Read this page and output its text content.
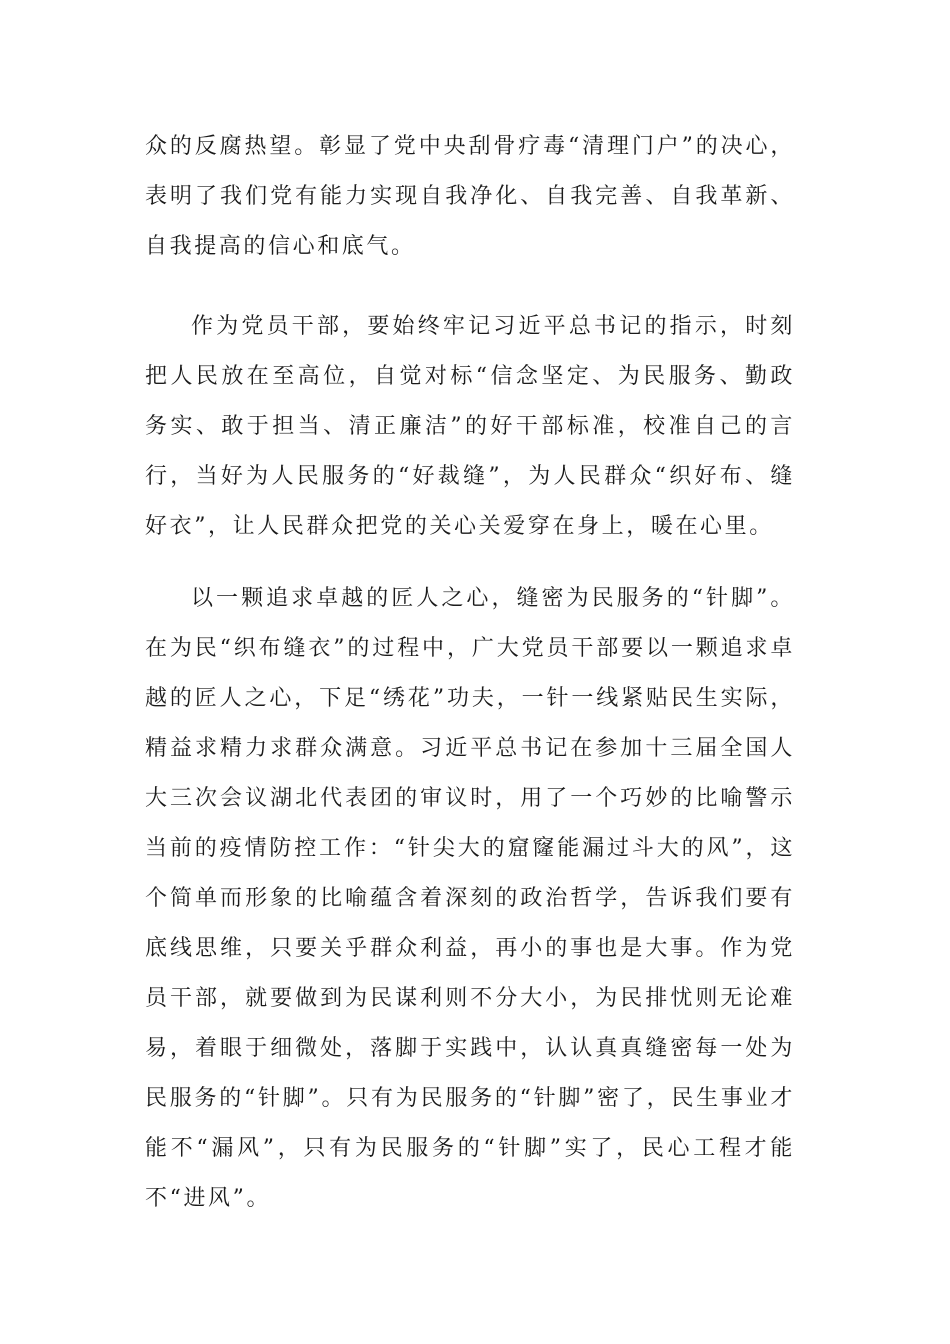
众的反腐热望。彰显了党中央刮骨疗毒“清理门户”的决心，表明了我们党有能力实现自我净化、自我完善、自我革新、自我提高的信心和底气。

作为党员干部，要始终牢记习近平总书记的指示，时刻把人民放在至高位，自觉对标“信念坚定、为民服务、勤政务实、敢于担当、清正廉洁”的好干部标准，校准自己的言行，当好为人民服务的“好裁缝”，为人民群众“织好布、缝好衣”，让人民群众把党的关心关爱穿在身上，暖在心里。

以一颗追求卓越的匠人之心，缝密为民服务的“针脚”。在为民“织布缝衣”的过程中，广大党员干部要以一颗追求卓越的匠人之心，下足“绣花”功夫，一针一线紧贴民生实际，精益求精力求群众满意。习近平总书记在参加十三届全国人大三次会议湖北代表团的审议时，用了一个巧妙的比喻警示当前的疫情防控工作：“针尖大的窟窿能漏过斗大的风”，这个简单而形象的比喻蕴含着深刻的政治哲学，告诉我们要有底线思维，只要关乎群众利益，再小的事也是大事。作为党员干部，就要做到为民谋利则不分大小，为民排忧则无论难易，着眼于细微处，落脚于实践中，认认真真缝密每一处为民服务的“针脚”。只有为民服务的“针脚”密了，民生事业才能不“漏风”，只有为民服务的“针脚”实了，民心工程才能不“进风”。
